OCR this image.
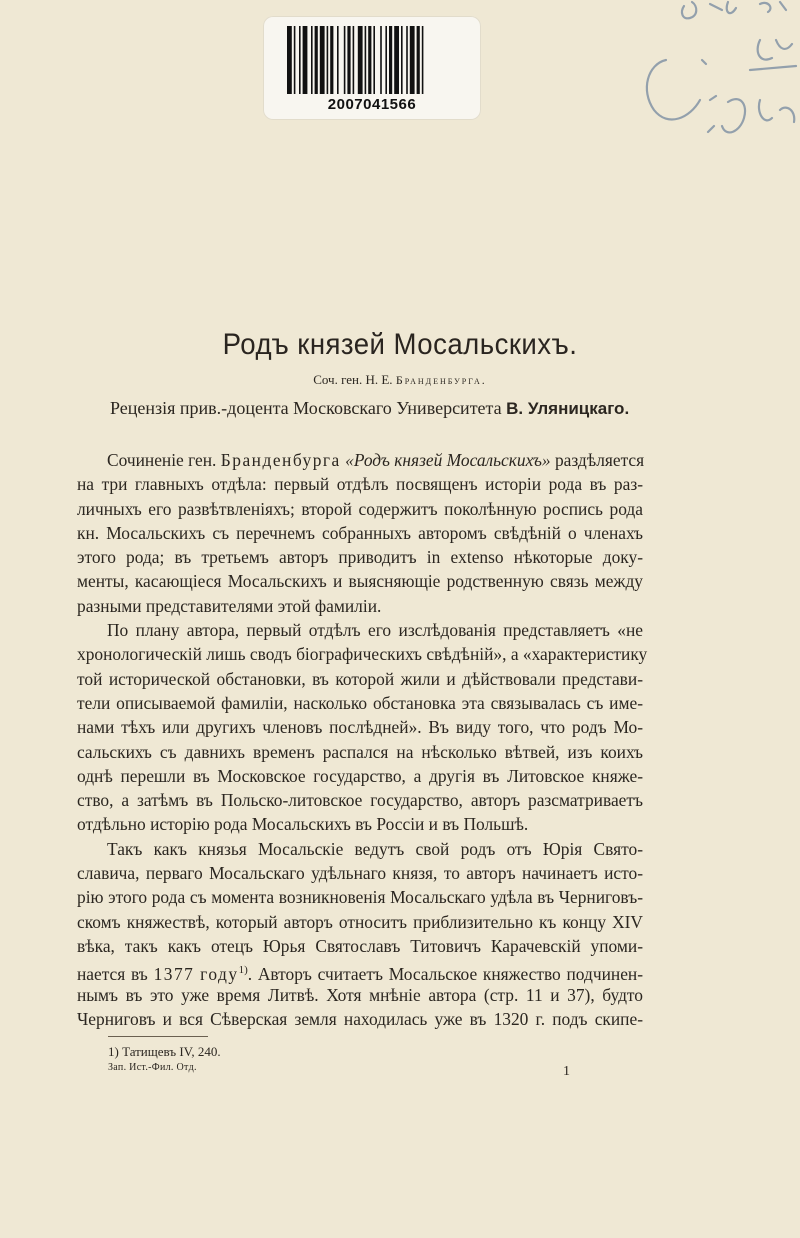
2007041566
Родъ князей Мосальскихъ.
Соч. ген. Н. Е. Бранденбурга.
Рецензія прив.-доцента Московскаго Университета В. Уляницкаго.
Сочиненіе ген. Бранденбурга «Родъ князей Мосальскихъ» раздѣляется
на три главныхъ отдѣла: первый отдѣлъ посвященъ исторіи рода въ раз-
личныхъ его развѣтвленіяхъ; второй содержитъ поколѣнную роспись рода
кн. Мосальскихъ съ перечнемъ собранныхъ авторомъ свѣдѣній о членахъ
этого рода; въ третьемъ авторъ приводитъ in extenso нѣкоторые доку-
менты, касающіеся Мосальскихъ и выясняющіе родственную связь между
разными представителями этой фамиліи.
По плану автора, первый отдѣлъ его изслѣдованія представляетъ «не
хронологическій лишь сводъ біографическихъ свѣдѣній», а «характеристику
той исторической обстановки, въ которой жили и дѣйствовали представи-
тели описываемой фамиліи, насколько обстановка эта связывалась съ име-
нами тѣхъ или другихъ членовъ послѣдней». Въ виду того, что родъ Мо-
сальскихъ съ давнихъ временъ распался на нѣсколько вѣтвей, изъ коихъ
однѣ перешли въ Московское государство, а другія въ Литовское княже-
ство, а затѣмъ въ Польско-литовское государство, авторъ разсматриваетъ
отдѣльно исторію рода Мосальскихъ въ Россіи и въ Польшѣ.
Такъ какъ князья Мосальскіе ведутъ свой родъ отъ Юрія Свято-
славича, перваго Мосальскаго удѣльнаго князя, то авторъ начинаетъ исто-
рію этого рода съ момента возникновенія Мосальскаго удѣла въ Черниговъ-
скомъ княжествѣ, который авторъ относитъ приблизительно къ концу XIV
вѣка, такъ какъ отецъ Юрья Святославъ Титовичъ Карачевскій упоми-
нается въ 1377 году$^{1)}$. Авторъ считаетъ Мосальское княжество подчинен-
нымъ въ это уже время Литвѣ. Хотя мнѣніе автора (стр. 11 и 37), будто
Черниговъ и вся Сѣверская земля находилась уже въ 1320 г. подъ скипе-
1) Татищевъ IV, 240.
Зап. Ист.-Фил. Отд.	1
